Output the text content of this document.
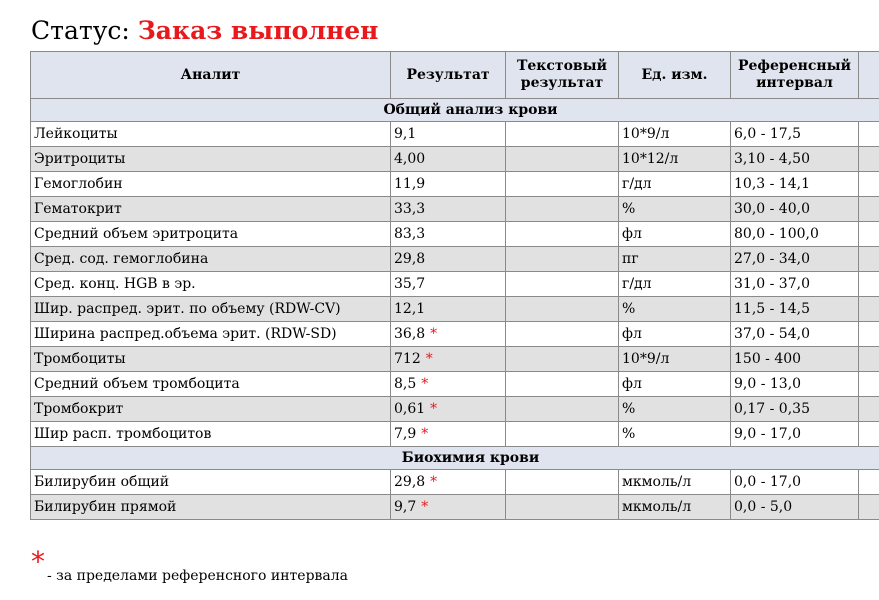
Статус: Заказ выполнен
Аналит	Результат	Текстовый результат	Ед. изм.	Референсный интервал	
Общий анализ крови					
Лейкоциты	9,1		10*9/л	6,0 - 17,5	
Эритроциты	4,00		10*12/л	3,10 - 4,50	
Гемоглобин	11,9		г/дл	10,3 - 14,1	
Гематокрит	33,3		%	30,0 - 40,0	
Средний объем эритроцита	83,3		фл	80,0 - 100,0	
Сред. сод. гемоглобина	29,8		пг	27,0 - 34,0	
Сред. конц. HGB в эр.	35,7		г/дл	31,0 - 37,0	
Шир. распред. эрит. по объему (RDW-CV)	12,1		%	11,5 - 14,5	
Ширина распред.объема эрит. (RDW-SD)	36,8 *		фл	37,0 - 54,0	
Тромбоциты	712 *		10*9/л	150 - 400	
Средний объем тромбоцита	8,5 *		фл	9,0 - 13,0	
Тромбокрит	0,61 *		%	0,17 - 0,35	
Шир расп. тромбоцитов	7,9 *		%	9,0 - 17,0	
Биохимия крови					
Билирубин общий	29,8 *		мкмоль/л	0,0 - 17,0	
Билирубин прямой	9,7 *		мкмоль/л	0,0 - 5,0	
* - за пределами референсного интервала
